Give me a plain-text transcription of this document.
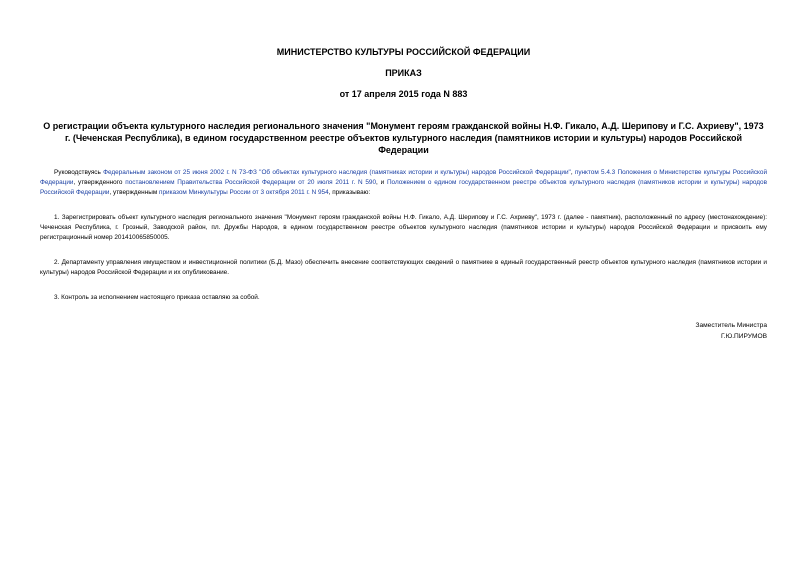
МИНИСТЕРСТВО КУЛЬТУРЫ РОССИЙСКОЙ ФЕДЕРАЦИИ
ПРИКАЗ
от 17 апреля 2015 года N 883
О регистрации объекта культурного наследия регионального значения "Монумент героям гражданской войны Н.Ф. Гикало, А.Д. Шерипову и Г.С. Ахриеву", 1973 г. (Чеченская Республика), в едином государственном реестре объектов культурного наследия (памятников истории и культуры) народов Российской Федерации

Руководствуясь Федеральным законом от 25 июня 2002 г. N 73-ФЗ "Об объектах культурного наследия (памятниках истории и культуры) народов Российской Федерации", пунктом 5.4.3 Положения о Министерстве культуры Российской Федерации, утвержденного постановлением Правительства Российской Федерации от 20 июля 2011 г. N 590, и Положением о едином государственном реестре объектов культурного наследия (памятников истории и культуры) народов Российской Федерации, утвержденным приказом Минкультуры России от 3 октября 2011 г. N 954, приказываю:

1. Зарегистрировать объект культурного наследия регионального значения "Монумент героям гражданской войны Н.Ф. Гикало, А.Д. Шерипову и Г.С. Ахриеву", 1973 г. (далее - памятник), расположенный по адресу (местонахождение): Чеченская Республика, г. Грозный, Заводской район, пл. Дружбы Народов, в едином государственном реестре объектов культурного наследия (памятников истории и культуры) народов Российской Федерации и присвоить ему регистрационный номер 201410065850005.

2. Департаменту управления имуществом и инвестиционной политики (Б.Д. Мазо) обеспечить внесение соответствующих сведений о памятнике в единый государственный реестр объектов культурного наследия (памятников истории и культуры) народов Российской Федерации и их опубликование.

3. Контроль за исполнением настоящего приказа оставляю за собой.

Заместитель Министра
Г.Ю.ПИРУМОВ
